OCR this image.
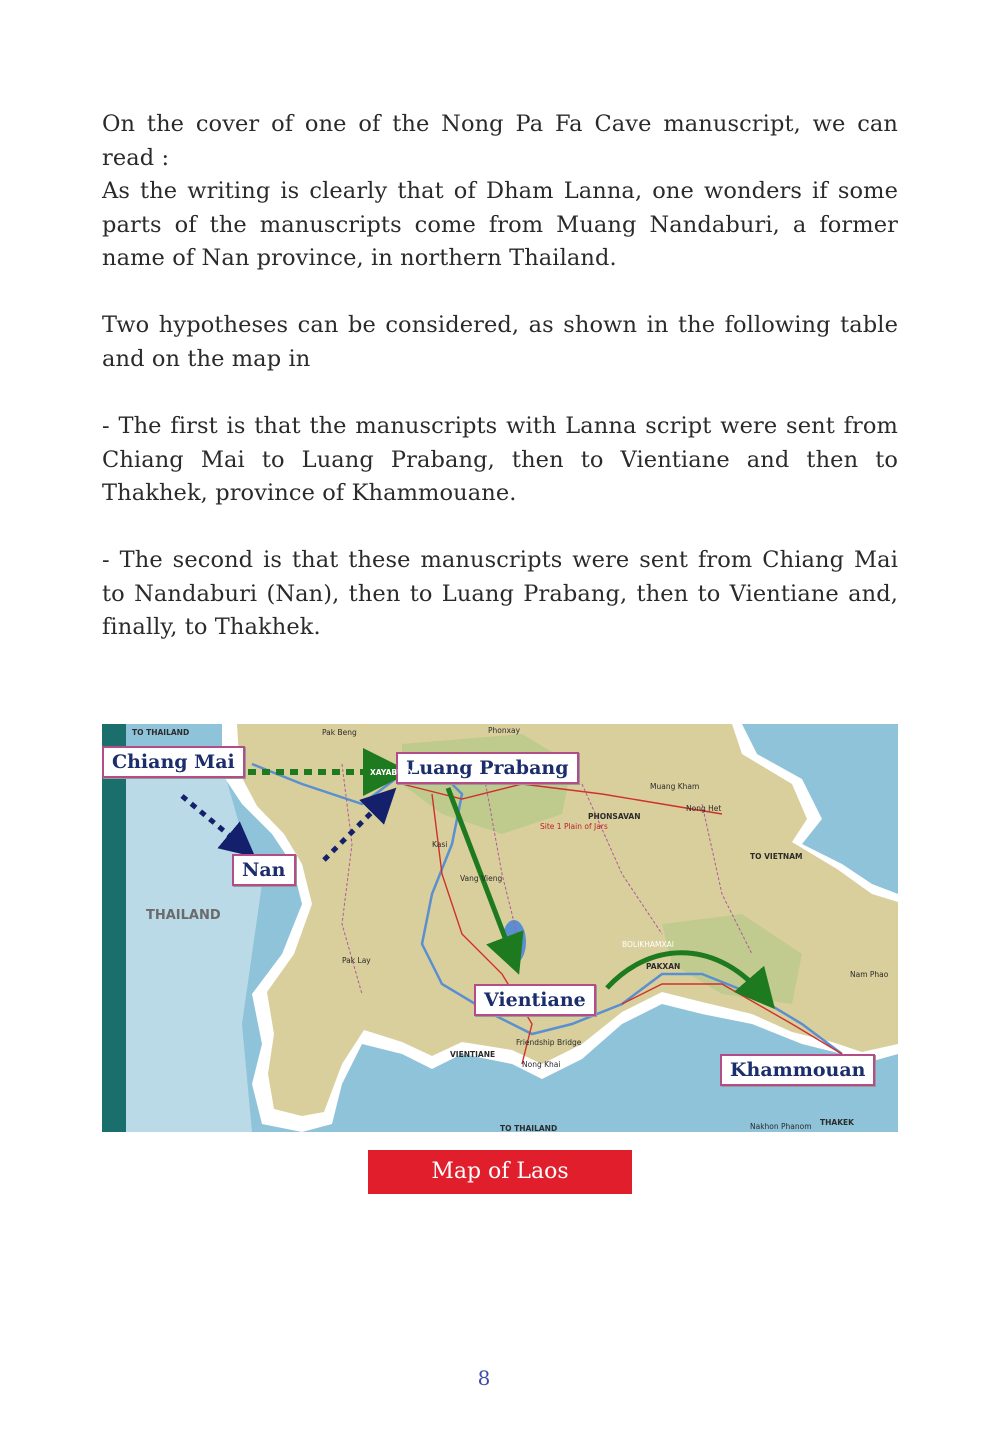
On the cover of one of the Nong Pa Fa Cave manuscript, we can read :

As the writing is clearly that of Dham Lanna, one wonders if some parts of the manuscripts come from Muang Nandaburi, a former name of Nan province, in northern Thailand.

Two hypotheses can be considered, as shown in the following table and on the map in

- The first is that the manuscripts with Lanna script were sent from Chiang Mai to Luang Prabang, then to Vientiane and then to Thakhek, province of Khammouane.

- The second is that these manuscripts were sent from Chiang Mai to Nandaburi (Nan), then to Luang Prabang, then to Vientiane and, finally, to Thakhek.

Chiang Mai	Luang Prabang
Nan
Vientiane
Khammouan
TO THAILAND
THAILAND
TO VIETNAM
TO THAILAND
VIENTIANE
PHONSAVAN
XAYABURY
PAKXAN
BOLIKHAMXAI
THAKEK
Site 1 Plain of Jars
Friendship Bridge
Nong Khai
Nakhon Phanom
Pak Beng	Phonxay
Nong Het
Muang Kham
Vang Vieng
Kasi
Pak Lay
Nam Phao
Map of Laos
8
